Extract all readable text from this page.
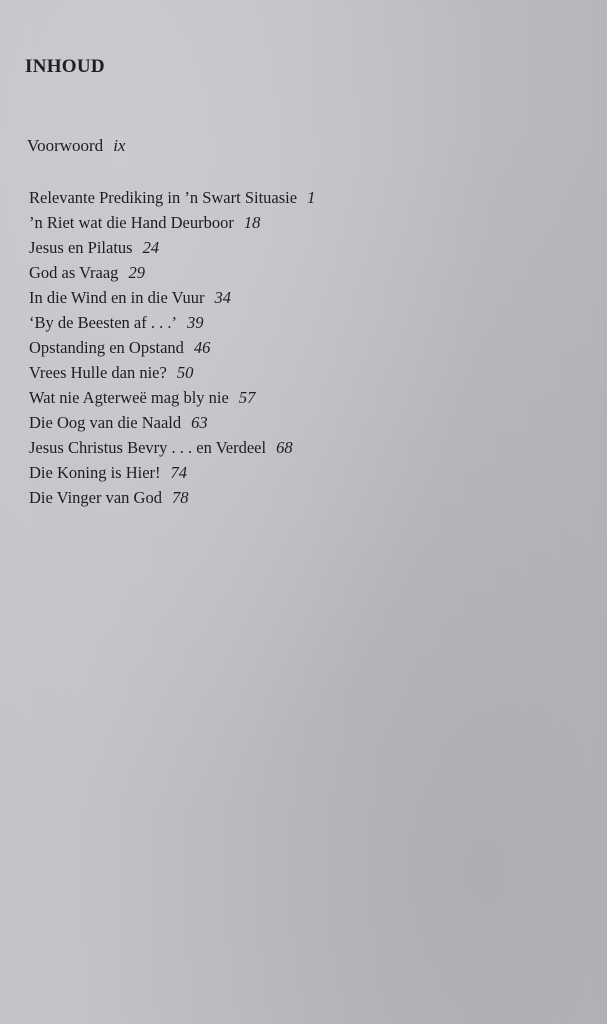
INHOUD
Voorwoord ix
Relevante Prediking in ’n Swart Situasie 1
’n Riet wat die Hand Deurboor 18
Jesus en Pilatus 24
God as Vraag 29
In die Wind en in die Vuur 34
‘By de Beesten af . . .’ 39
Opstanding en Opstand 46
Vrees Hulle dan nie? 50
Wat nie Agterweë mag bly nie 57
Die Oog van die Naald 63
Jesus Christus Bevry . . . en Verdeel 68
Die Koning is Hier! 74
Die Vinger van God 78
